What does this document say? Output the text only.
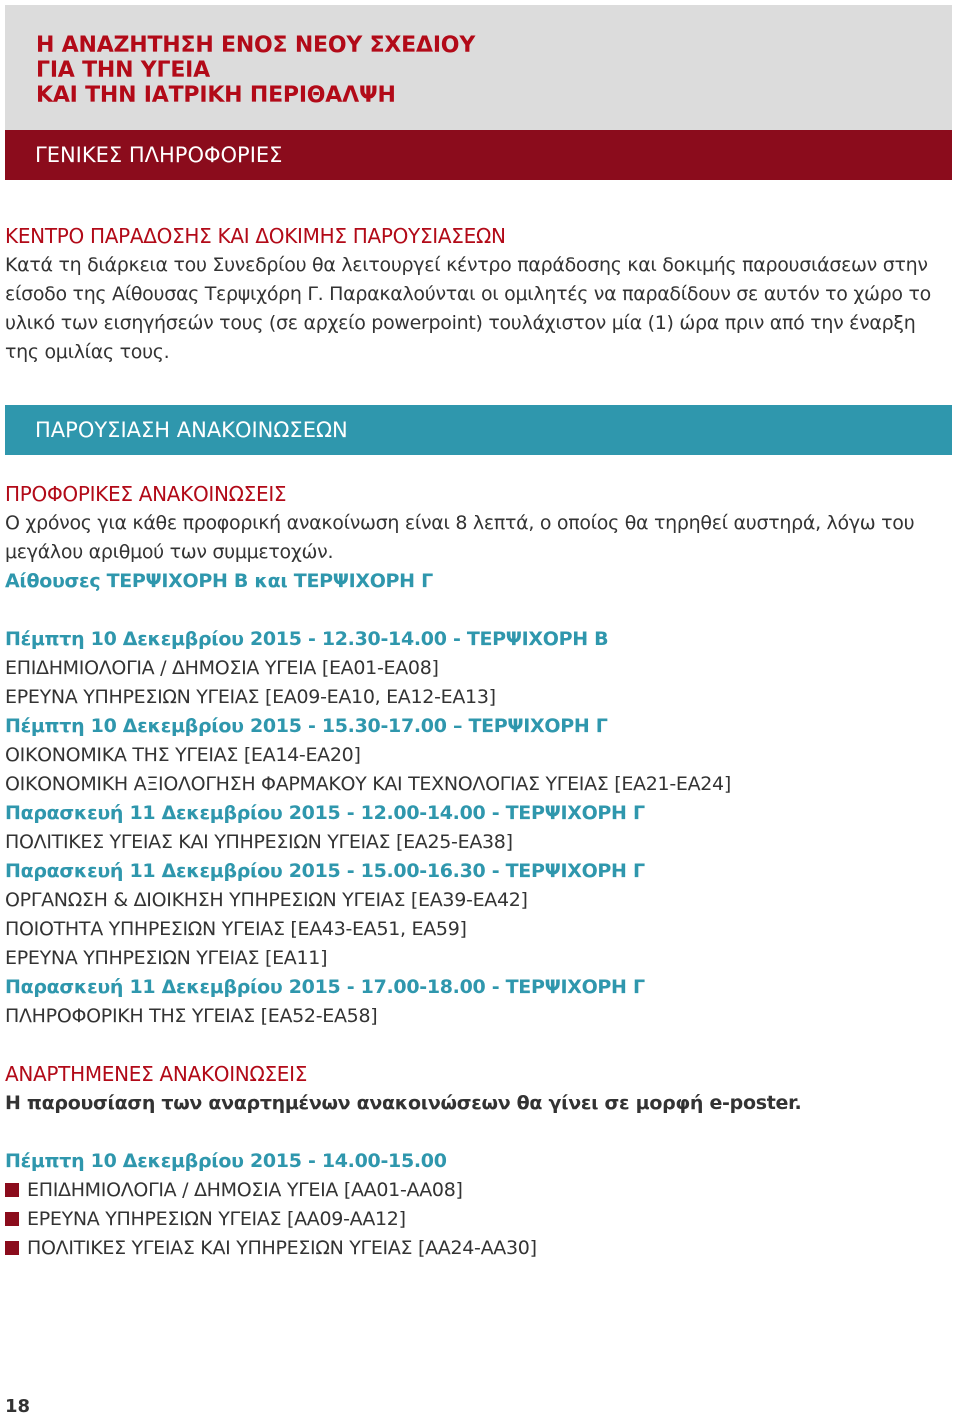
Η ΑΝΑΖΗΤΗΣΗ ΕΝΟΣ ΝΕΟΥ ΣΧΕΔΙΟΥ
ΓΙΑ ΤΗΝ ΥΓΕΙΑ
ΚΑΙ ΤΗΝ ΙΑΤΡΙΚΗ ΠΕΡΙΘΑΛΨΗ
ΓΕΝΙΚΕΣ ΠΛΗΡΟΦΟΡΙΕΣ
ΚΕΝΤΡΟ ΠΑΡΑΔΟΣΗΣ ΚΑΙ ΔΟΚΙΜΗΣ ΠΑΡΟΥΣΙΑΣΕΩΝ
Κατά τη διάρκεια του Συνεδρίου θα λειτουργεί κέντρο παράδοσης και δοκιμής παρουσιάσεων στην
είσοδο της Αίθουσας Τερψιχόρη Γ. Παρακαλούνται οι ομιλητές να παραδίδουν σε αυτόν το χώρο το
υλικό των εισηγήσεών τους (σε αρχείο powerpoint) τουλάχιστον μία (1) ώρα πριν από την έναρξη
της ομιλίας τους.
ΠΑΡΟΥΣΙΑΣΗ ΑΝΑΚΟΙΝΩΣΕΩΝ
ΠΡΟΦΟΡΙΚΕΣ ΑΝΑΚΟΙΝΩΣΕΙΣ
Ο χρόνος για κάθε προφορική ανακοίνωση είναι 8 λεπτά, ο οποίος θα τηρηθεί αυστηρά, λόγω του
μεγάλου αριθμού των συμμετοχών.
Αίθουσες ΤΕΡΨΙΧΟΡΗ Β και ΤΕΡΨΙΧΟΡΗ Γ
Πέμπτη 10 Δεκεμβρίου 2015 - 12.30-14.00 - ΤΕΡΨΙΧΟΡΗ Β
ΕΠΙΔΗΜΙΟΛΟΓΙΑ / ΔΗΜΟΣΙΑ ΥΓΕΙΑ [ΕΑ01-ΕΑ08]
ΕΡΕΥΝΑ ΥΠΗΡΕΣΙΩΝ ΥΓΕΙΑΣ [ΕΑ09-ΕΑ10, ΕΑ12-ΕΑ13]
Πέμπτη 10 Δεκεμβρίου 2015 - 15.30-17.00 – ΤΕΡΨΙΧΟΡΗ Γ
ΟΙΚΟΝΟΜΙΚΑ ΤΗΣ ΥΓΕΙΑΣ [ΕΑ14-ΕΑ20]
ΟΙΚΟΝΟΜΙΚΗ ΑΞΙΟΛΟΓΗΣΗ ΦΑΡΜΑΚΟΥ ΚΑΙ ΤΕΧΝΟΛΟΓΙΑΣ ΥΓΕΙΑΣ [ΕΑ21-ΕΑ24]
Παρασκευή 11 Δεκεμβρίου 2015 - 12.00-14.00 - ΤΕΡΨΙΧΟΡΗ Γ
ΠΟΛΙΤΙΚΕΣ ΥΓΕΙΑΣ ΚΑΙ ΥΠΗΡΕΣΙΩΝ ΥΓΕΙΑΣ [ΕΑ25-ΕΑ38]
Παρασκευή 11 Δεκεμβρίου 2015 - 15.00-16.30 - ΤΕΡΨΙΧΟΡΗ Γ
ΟΡΓΑΝΩΣΗ & ΔΙΟΙΚΗΣΗ ΥΠΗΡΕΣΙΩΝ ΥΓΕΙΑΣ [ΕΑ39-ΕΑ42]
ΠΟΙΟΤΗΤΑ ΥΠΗΡΕΣΙΩΝ ΥΓΕΙΑΣ [ΕΑ43-ΕΑ51, ΕΑ59]
ΕΡΕΥΝΑ ΥΠΗΡΕΣΙΩΝ ΥΓΕΙΑΣ [ΕΑ11]
Παρασκευή 11 Δεκεμβρίου 2015 - 17.00-18.00 - ΤΕΡΨΙΧΟΡΗ Γ
ΠΛΗΡΟΦΟΡΙΚΗ ΤΗΣ ΥΓΕΙΑΣ [ΕΑ52-ΕΑ58]
ΑΝΑΡΤΗΜΕΝΕΣ ΑΝΑΚΟΙΝΩΣΕΙΣ
Η παρουσίαση των αναρτημένων ανακοινώσεων θα γίνει σε μορφή e-poster.
Πέμπτη 10 Δεκεμβρίου 2015 - 14.00-15.00
ΕΠΙΔΗΜΙΟΛΟΓΙΑ / ΔΗΜΟΣΙΑ ΥΓΕΙΑ [ΑΑ01-ΑΑ08]
ΕΡΕΥΝΑ ΥΠΗΡΕΣΙΩΝ ΥΓΕΙΑΣ [ΑΑ09-ΑΑ12]
ΠΟΛΙΤΙΚΕΣ ΥΓΕΙΑΣ ΚΑΙ ΥΠΗΡΕΣΙΩΝ ΥΓΕΙΑΣ [ΑΑ24-ΑΑ30]
18
